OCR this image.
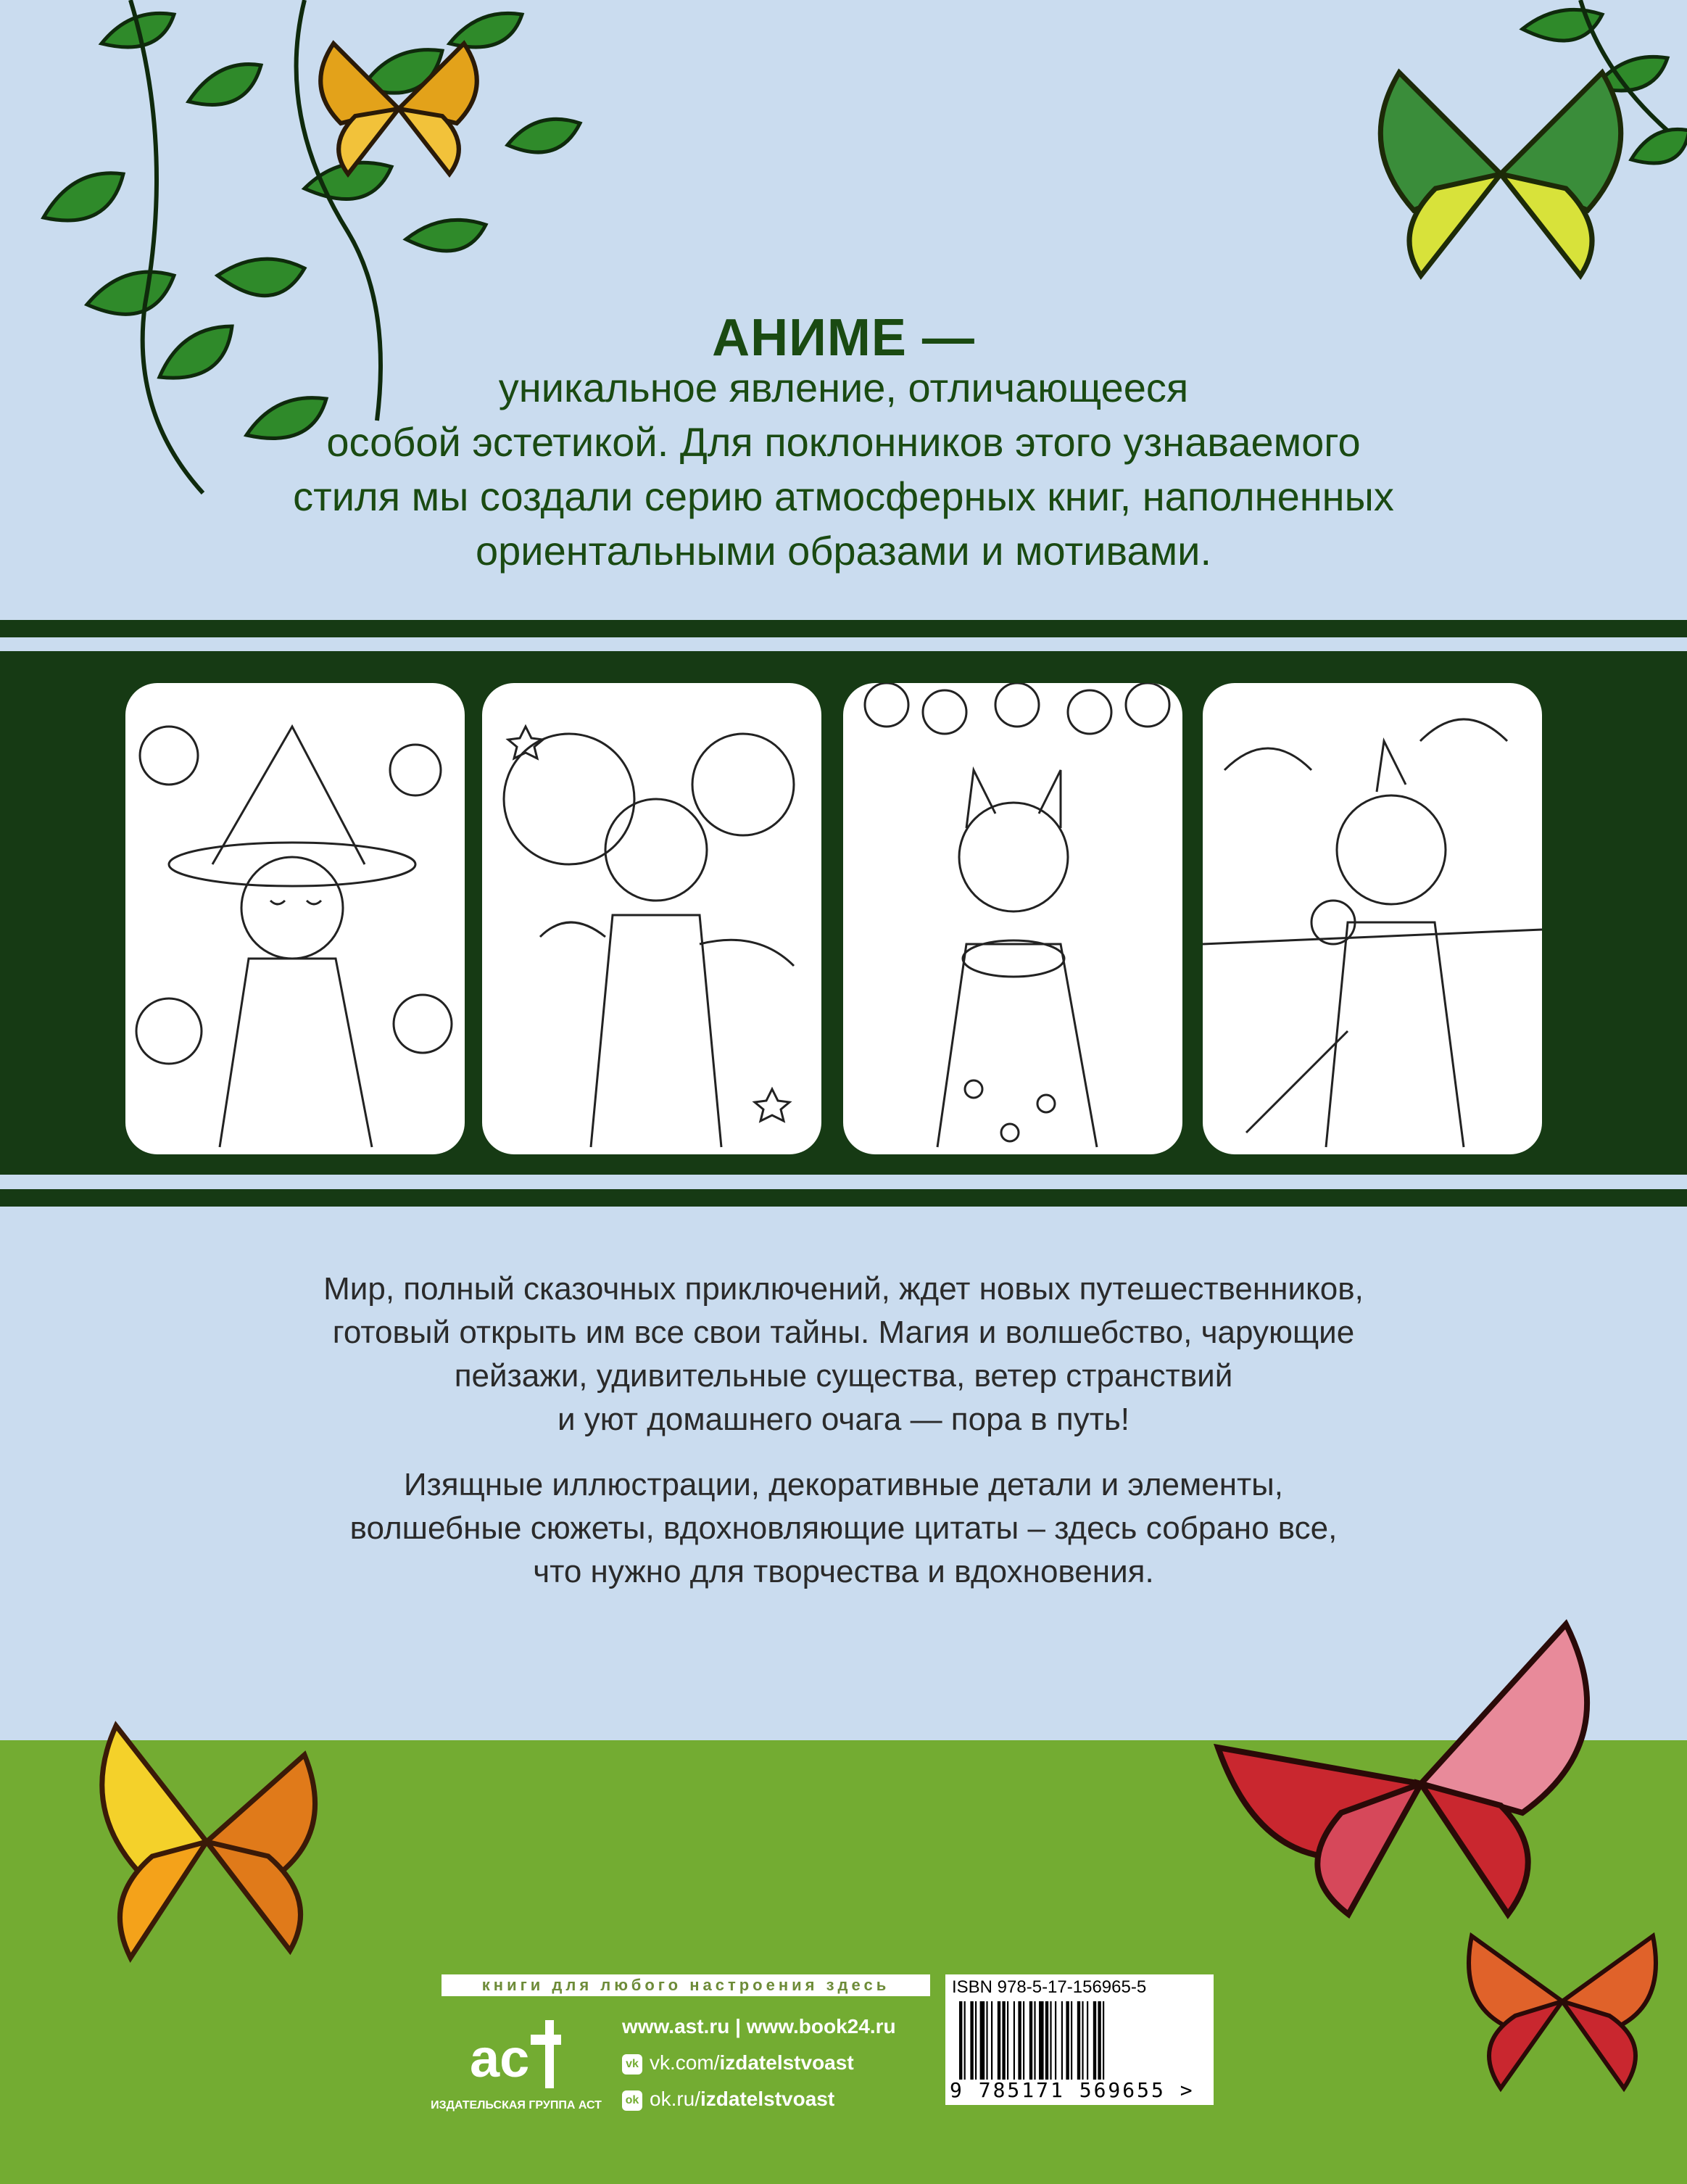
АНИМЕ —
уникальное явление, отличающееся
особой эстетикой. Для поклонников этого узнаваемого
стиля мы создали серию атмосферных книг, наполненных
ориентальными образами и мотивами.
Мир, полный сказочных приключений, ждет новых путешественников,
готовый открыть им все свои тайны. Магия и волшебство, чарующие
пейзажи, удивительные существа, ветер странствий
и уют домашнего очага — пора в путь!
Изящные иллюстрации, декоративные детали и элементы,
волшебные сюжеты, вдохновляющие цитаты – здесь собрано все,
что нужно для творчества и вдохновения.
книги для любого настроения здесь
ac
ИЗДАТЕЛЬСКАЯ ГРУППА АСТ
www.ast.ru | www.book24.ru
vk vk.com/izdatelstvoast
ok ok.ru/izdatelstvoast
ISBN 978-5-17-156965-5
9 785171 569655 >
